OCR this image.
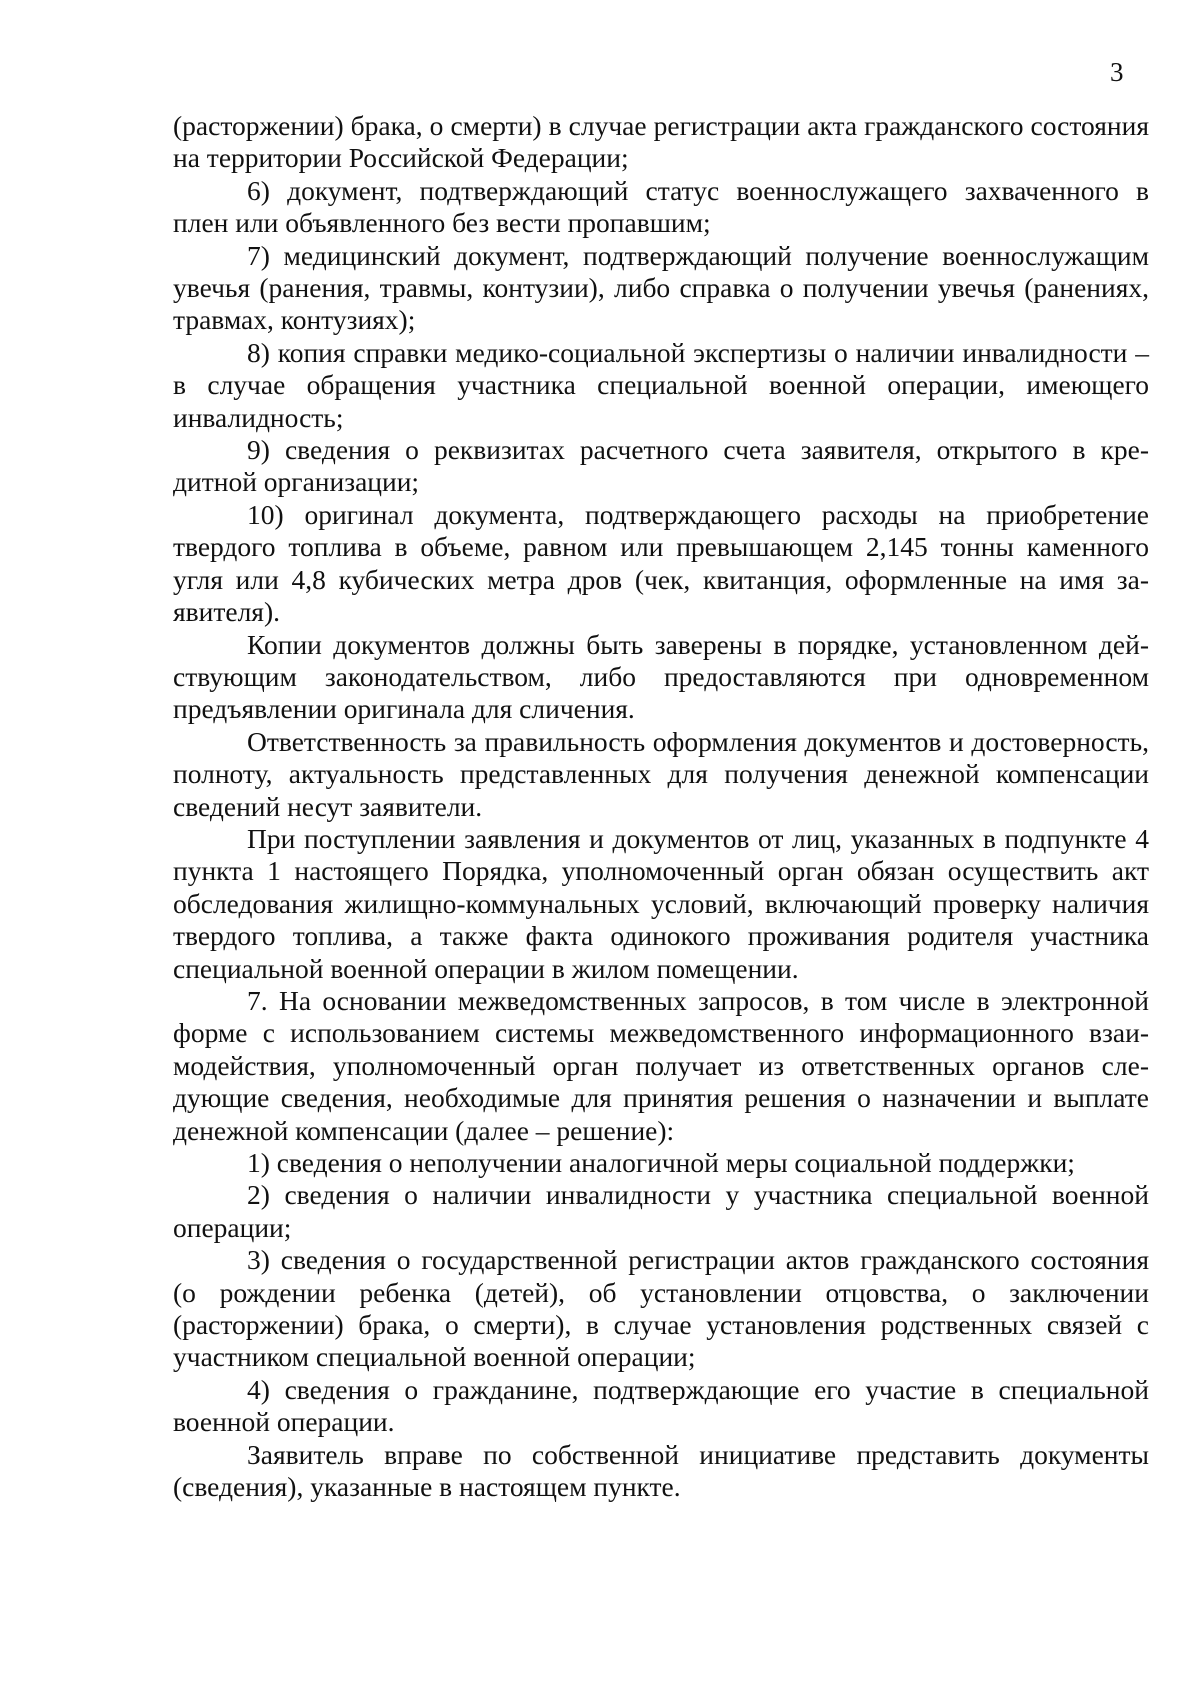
3

(расторжении) брака, о смерти) в случае регистрации акта гражданского состояния на территории Российской Федерации;

6) документ, подтверждающий статус военнослужащего захваченного в плен или объявленного без вести пропавшим;

7) медицинский документ, подтверждающий получение военнослужащим увечья (ранения, травмы, контузии), либо справка о получении увечья (ранениях, травмах, контузиях);

8) копия справки медико-социальной экспертизы о наличии инвалидности – в случае обращения участника специальной военной операции, имеющего инвалидность;

9) сведения о реквизитах расчетного счета заявителя, открытого в кредитной организации;

10) оригинал документа, подтверждающего расходы на приобретение твердого топлива в объеме, равном или превышающем 2,145 тонны каменного угля или 4,8 кубических метра дров (чек, квитанция, оформленные на имя заявителя).

Копии документов должны быть заверены в порядке, установленном действующим законодательством, либо предоставляются при одновременном предъявлении оригинала для сличения.

Ответственность за правильность оформления документов и достоверность, полноту, актуальность представленных для получения денежной компенсации сведений несут заявители.

При поступлении заявления и документов от лиц, указанных в подпункте 4 пункта 1 настоящего Порядка, уполномоченный орган обязан осуществить акт обследования жилищно-коммунальных условий, включающий проверку наличия твердого топлива, а также факта одинокого проживания родителя участника специальной военной операции в жилом помещении.

7. На основании межведомственных запросов, в том числе в электронной форме с использованием системы межведомственного информационного взаимодействия, уполномоченный орган получает из ответственных органов следующие сведения, необходимые для принятия решения о назначении и выплате денежной компенсации (далее – решение):

1) сведения о неполучении аналогичной меры социальной поддержки;

2) сведения о наличии инвалидности у участника специальной военной операции;

3) сведения о государственной регистрации актов гражданского состояния (о рождении ребенка (детей), об установлении отцовства, о заключении (расторжении) брака, о смерти), в случае установления родственных связей с участником специальной военной операции;

4) сведения о гражданине, подтверждающие его участие в специальной военной операции.

Заявитель вправе по собственной инициативе представить документы (сведения), указанные в настоящем пункте.
